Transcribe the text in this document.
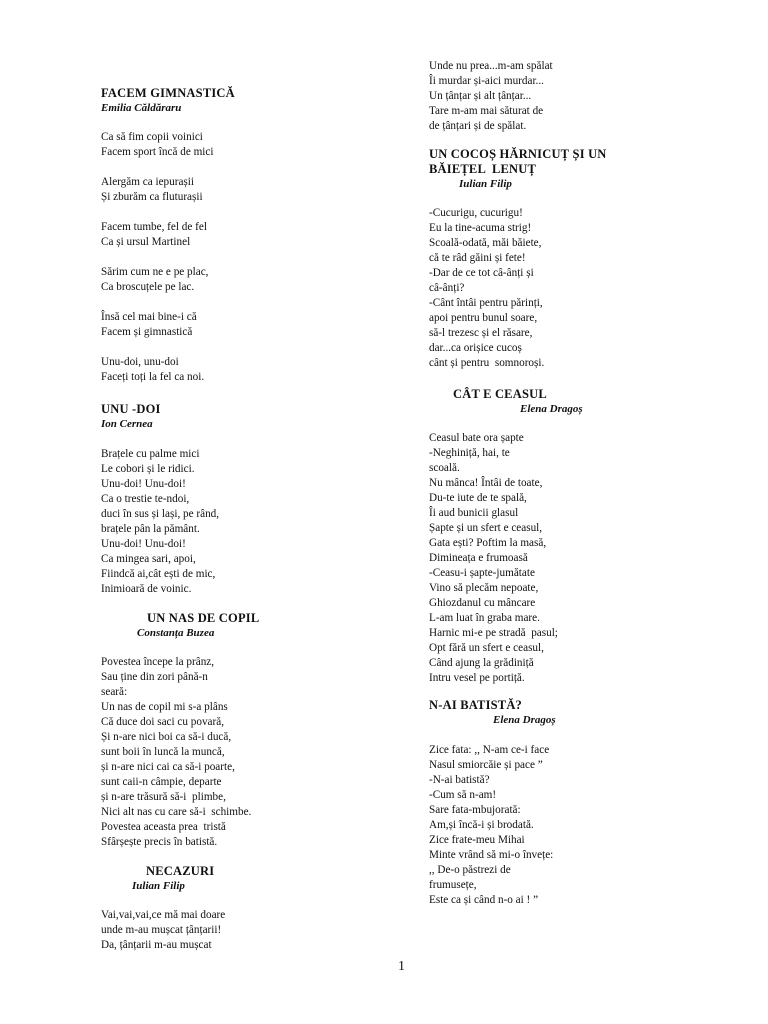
FACEM GIMNASTICĂ
Emilia Căldăraru
Ca să fim copii voinici
Facem sport încă de mici
Alergăm ca iepurașii
Și zburăm ca fluturașii
Facem tumbe, fel de fel
Ca și ursul Martinel
Sărim cum ne e pe plac,
Ca broscuțele pe lac.
Însă cel mai bine-i că
Facem și gimnastică
Unu-doi, unu-doi
Faceți toți la fel ca noi.
UNU -DOI
Ion Cernea
Brațele cu palme mici
Le cobori și le ridici.
Unu-doi! Unu-doi!
Ca o trestie te-ndoi,
duci în sus și lași, pe rând,
brațele pân la pământ.
Unu-doi! Unu-doi!
Ca mingea sari, apoi,
Fiindcă ai,cât ești de mic,
Inimioară de voinic.
UN NAS DE COPIL
Constanța Buzea
Povestea începe la prânz,
Sau ține din zori până-n
seară:
Un nas de copil mi s-a plâns
Că duce doi saci cu povară,
Și n-are nici boi ca să-i ducă,
sunt boii în luncă la muncă,
și n-are nici cai ca să-i poarte,
sunt caii-n câmpie, departe
și n-are trăsură să-i  plimbe,
Nici alt nas cu care să-i  schimbe.
Povestea aceasta prea  tristă
Sfârșește precis în batistă.
NECAZURI
Iulian Filip
Vai,vai,vai,ce mă mai doare
unde m-au mușcat țânțarii!
Da, țânțarii m-au mușcat
Unde nu prea...m-am spălat
Îi murdar și-aici murdar...
Un țânțar și alt țânțar...
Tare m-am mai săturat de
de țânțari și de spălat.
UN COCOȘ HĂRNICUȚ ȘI UN
BĂIEȚEL  LENUȚ
Iulian Filip
-Cucurigu, cucurigu!
Eu la tine-acuma strig!
Scoală-odată, măi băiete,
că te râd găini și fete!
-Dar de ce tot câ-ânți și
câ-ânți?
-Cânt întâi pentru părinți,
apoi pentru bunul soare,
să-l trezesc și el răsare,
dar...ca orișice cucoș
cânt și pentru  somnoroși.
CÂT E CEASUL
Elena Dragoș
Ceasul bate ora șapte
-Neghiniță, hai, te
scoală.
Nu mânca! Întâi de toate,
Du-te iute de te spală,
Îi aud bunicii glasul
Șapte și un sfert e ceasul,
Gata ești? Poftim la masă,
Dimineața e frumoasă
-Ceasu-i șapte-jumătate
Vino să plecăm nepoate,
Ghiozdanul cu mâncare
L-am luat în graba mare.
Harnic mi-e pe stradă  pasul;
Opt fără un sfert e ceasul,
Când ajung la grădiniță
Intru vesel pe portiță.
N-AI BATISTĂ?
Elena Dragoș
Zice fata: ,, N-am ce-i face
Nasul smiorcăie și pace ”
-N-ai batistă?
-Cum să n-am!
Sare fata-mbujorată:
Am,și încă-i și brodată.
Zice frate-meu Mihai
Minte vrând să mi-o învețe:
,, De-o păstrezi de
frumusețe,
Este ca și când n-o ai ! ”
1
